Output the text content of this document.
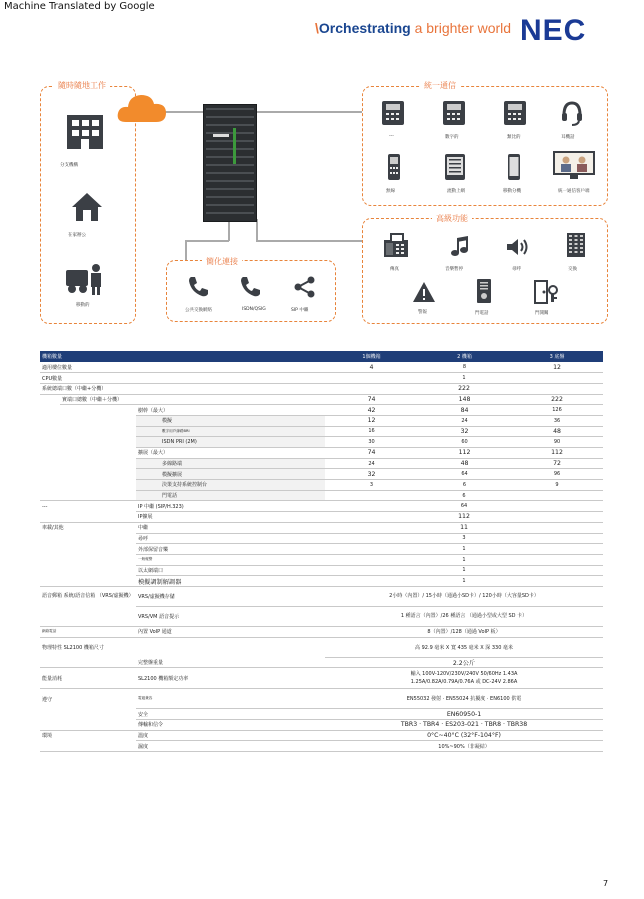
Machine Translated by Google
\Orchestrating a brighter world NEC
隨時隨地工作
分支機構
在家辦公
移動的
統一通信
---	數字的	類比的	耳機話
無線	流動上網	移動分機	統一通信客戶端
高級功能
傳真	音樂暫停	尋呼	交換
警報	門電話	門開關
簡化連接
公共交換網絡	ISDN/QSIG	SIP 中繼
機箱數量			1個機箱	2 機箱	3 底盤
適用樓位數量			4	8	12
CPU數量			1		
系統總端口數（中繼+分機）			222		
	實端口總數（中繼＋分機）		74	148	222
		樹幹（最大）	42	84	126
		模擬	12	24	36
		數字用戶線路BRI	16	32	48
		ISDN PRI (2M)	30	60	90
		擴展（最大）	74	112	112
		多線路端	24	48	72
		模擬擴展	32	64	96
		決策支持系統控制台	3	6	9
		門電話	6		
---		IP 中繼 (SIP/H.323)	64		
		IP擴展	112		
車載/其他		中繼	11		
		尋呼	3		
		外部保留音樂	1		
		一般報警	1		
		以太網端口	1		
		模擬調制解調器	1		
語音郵箱 系統/語音信箱 （VRS/虛擬機）		VRS/虛擬機存儲	2小時（內置）/ 15小時（通過小SD卡）/ 120小時（大容量SD卡）		
		VRS/VM 語音提示	1 種語言（內置）/26 種語言 （通過小型或大型 SD 卡）		
網絡電話		內置 VoIP 通道	8（內置）/128（通過 VoIP 板）		
物理特性 SL2100 機箱尺寸			高 92.9 毫米 X 寬 435 毫米 X 深 330 毫米		
		完整盤重量	2.2公斤		
能量消耗		SL2100 機箱額定功率	輸入 100V-120V/230V/240V 50/60Hz 1.43A 1.25A/0.82A/0.79A/0.76A 或 DC-24V 2.86A		
遵守		電磁兼容	EN55032 發射 · EN55024 抗擾度 · EN6100 供電		
		安全	EN60950-1		
		傳輸和信令	TBR3 · TBR4 · ES203-021 · TBR8 · TBR38		
環境		溫度	0°C~40°C (32°F-104°F)		
		濕度	10%~90%（非凝結）		
7
